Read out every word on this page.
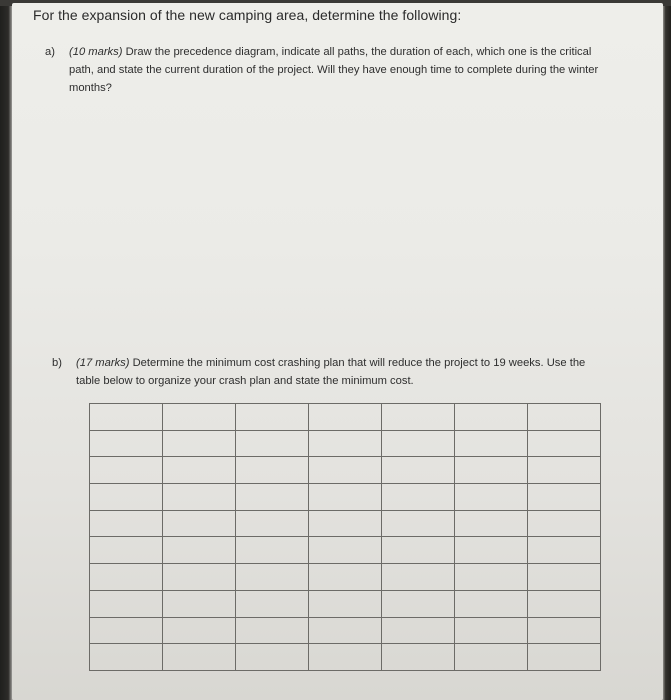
For the expansion of the new camping area, determine the following:
a) (10 marks) Draw the precedence diagram, indicate all paths, the duration of each, which one is the critical path, and state the current duration of the project. Will they have enough time to complete during the winter months?
b) (17 marks) Determine the minimum cost crashing plan that will reduce the project to 19 weeks. Use the table below to organize your crash plan and state the minimum cost.
